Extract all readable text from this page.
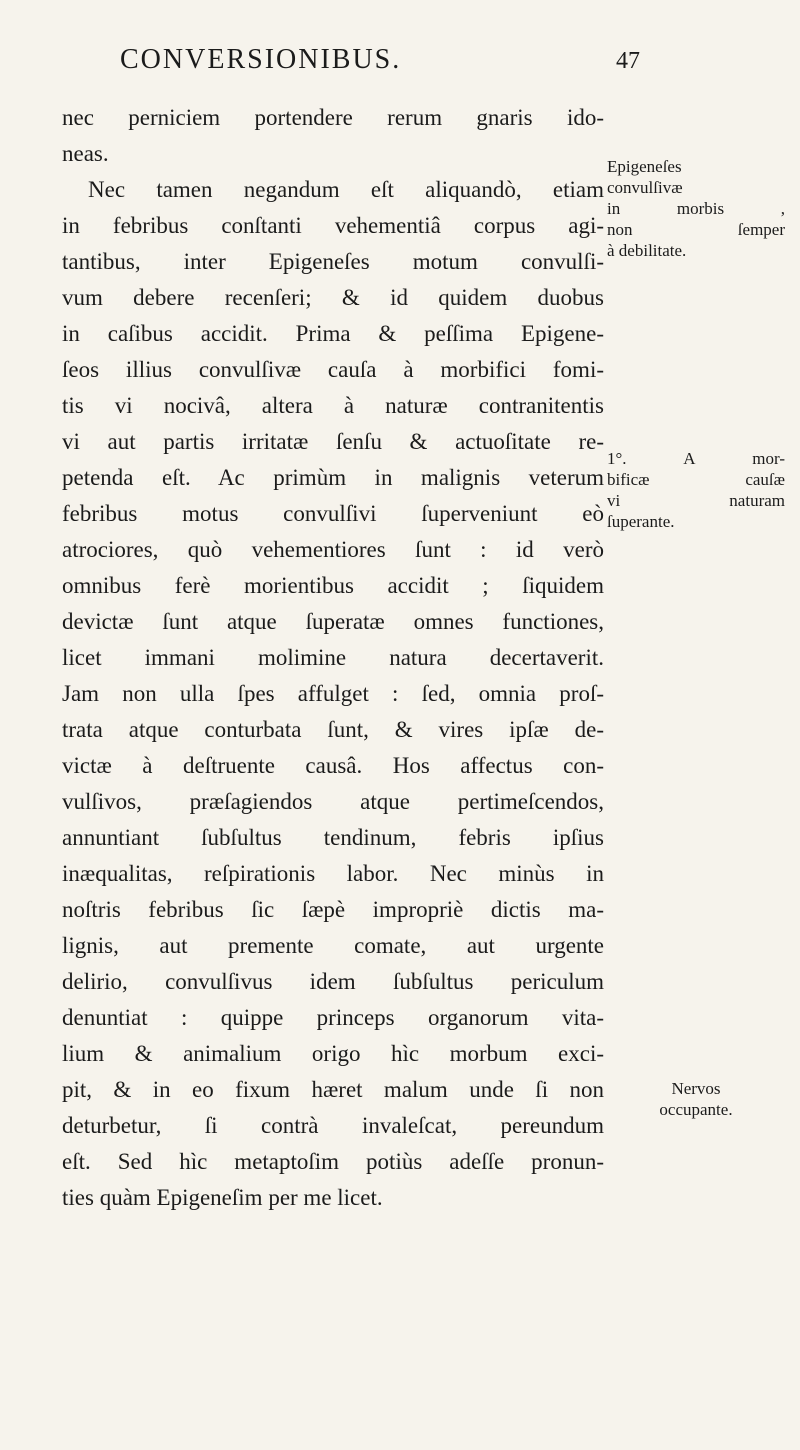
CONVERSIONIBUS.	47
nec perniciem portendere rerum gnaris ido-
neas.
Nec tamen negandum eſt aliquandò, etiam
in febribus conſtanti vehementiâ corpus agi-
tantibus, inter Epigeneſes motum convulſi-
vum debere recenſeri; & id quidem duobus
in caſibus accidit. Prima & peſſima Epigene-
ſeos illius convulſivæ cauſa à morbifici fomi-
tis vi nocivâ, altera à naturæ contranitentis
vi aut partis irritatæ ſenſu & actuoſitate re-
petenda eſt. Ac primùm in malignis veterum
febribus motus convulſivi ſuperveniunt eò
atrociores, quò vehementiores ſunt : id verò
omnibus ferè morientibus accidit ; ſiquidem
devictæ ſunt atque ſuperatæ omnes functiones,
licet immani molimine natura decertaverit.
Jam non ulla ſpes affulget : ſed, omnia proſ-
trata atque conturbata ſunt, & vires ipſæ de-
victæ à deſtruente causâ. Hos affectus con-
vulſivos, præſagiendos atque pertimeſcendos,
annuntiant ſubſultus tendinum, febris ipſius
inæqualitas, reſpirationis labor. Nec minùs in
noſtris febribus ſic ſæpè impropriè dictis ma-
lignis, aut premente comate, aut urgente
delirio, convulſivus idem ſubſultus periculum
denuntiat : quippe princeps organorum vita-
lium & animalium origo hìc morbum exci-
pit, & in eo fixum hæret malum unde ſi non
deturbetur, ſi contrà invaleſcat, pereundum
eſt. Sed hìc metaptoſim potiùs adeſſe pronun-
ties quàm Epigeneſim per me licet.
Epigeneſes
convulſivæ
in morbis ,
non ſemper
à debilitate.
1°. A mor-
bificæ cauſæ
vi naturam
ſuperante.
Nervos
occupante.
